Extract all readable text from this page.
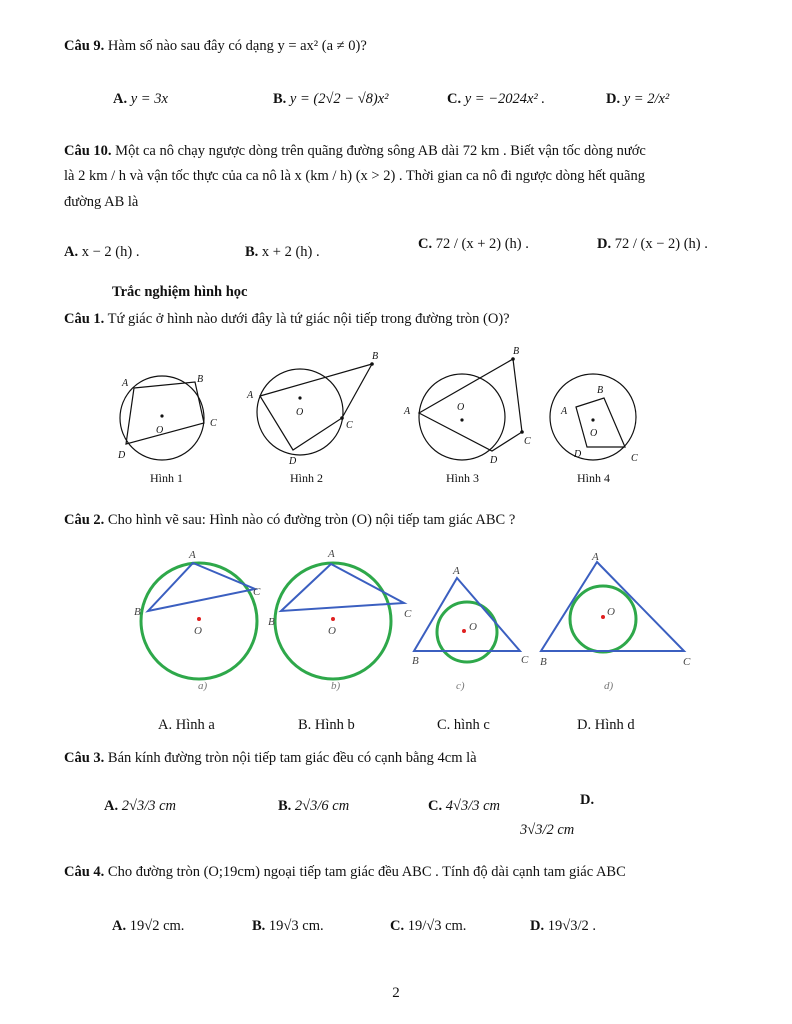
Câu 9. Hàm số nào sau đây có dạng y = ax² (a ≠ 0)?
A. y = 3x	B. y = (2√2 − √8)x²	C. y = −2024x² .	D. y = 2/x²
Câu 10. Một ca nô chạy ngược dòng trên quãng đường sông AB dài 72 km . Biết vận tốc dòng nước
là 2 km / h và vận tốc thực của ca nô là x (km / h) (x > 2) . Thời gian ca nô đi ngược dòng hết quãng
đường AB là
A. x − 2 (h) .	B. x + 2 (h) .	C. 72 / (x + 2) (h) .	D. 72 / (x − 2) (h) .
Trắc nghiệm hình học
Câu 1. Tứ giác ở hình nào dưới đây là tứ giác nội tiếp trong đường tròn (O)?
A	B
C
D
O
A
B
C
D
O	A
B
C
D
O	A
B
C
D
O
Hình 1	Hình 2	Hình 3	Hình 4
Câu 2. Cho hình vẽ sau: Hình nào có đường tròn (O) nội tiếp tam giác ABC ?
A
C
B
O
A
C
B
O
A
C
B
O
A
C
B
O
a)	b)	c)	d)
A. Hình a	B. Hình b	C. hình c	D. Hình d
Câu 3. Bán kính đường tròn nội tiếp tam giác đều có cạnh bằng 4cm là
A. 2√3/3 cm	B. 2√3/6 cm	C. 4√3/3 cm	D.
3√3/2 cm
Câu 4. Cho đường tròn (O;19cm) ngoại tiếp tam giác đều ABC . Tính độ dài cạnh tam giác ABC
A. 19√2 cm.	B. 19√3 cm.	C. 19/√3 cm.	D. 19√3/2 .
2
